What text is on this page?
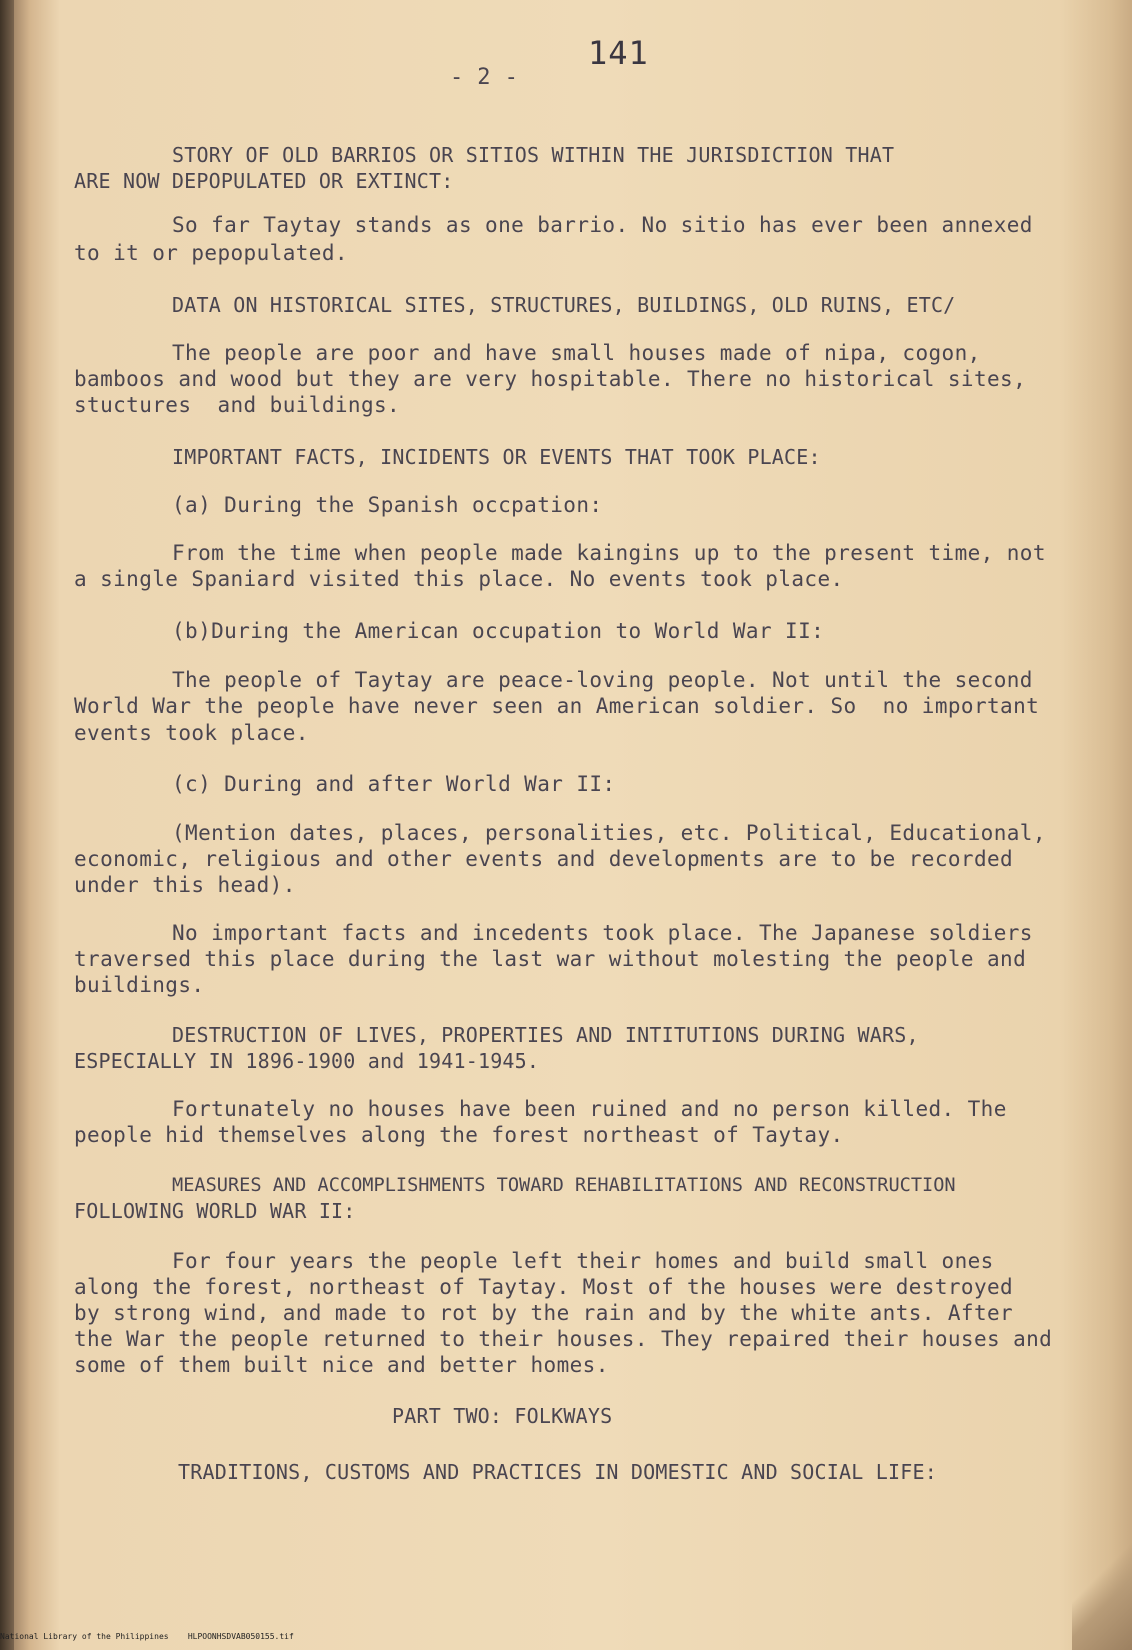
141
- 2 -
STORY OF OLD BARRIOS OR SITIOS WITHIN THE JURISDICTION THAT
ARE NOW DEPOPULATED OR EXTINCT:
So far Taytay stands as one barrio. No sitio has ever been annexed
to it or pepopulated.
DATA ON HISTORICAL SITES, STRUCTURES, BUILDINGS, OLD RUINS, ETC/
The people are poor and have small houses made of nipa, cogon,
bamboos and wood but they are very hospitable. There no historical sites,
stuctures  and buildings.
IMPORTANT FACTS, INCIDENTS OR EVENTS THAT TOOK PLACE:
(a) During the Spanish occpation:
From the time when people made kaingins up to the present time, not
a single Spaniard visited this place. No events took place.
(b)During the American occupation to World War II:
The people of Taytay are peace-loving people. Not until the second
World War the people have never seen an American soldier. So  no important
events took place.
(c) During and after World War II:
(Mention dates, places, personalities, etc. Political, Educational,
economic, religious and other events and developments are to be recorded
under this head).
No important facts and incedents took place. The Japanese soldiers
traversed this place during the last war without molesting the people and
buildings.
DESTRUCTION OF LIVES, PROPERTIES AND INTITUTIONS DURING WARS,
ESPECIALLY IN 1896-1900 and 1941-1945.
Fortunately no houses have been ruined and no person killed. The
people hid themselves along the forest northeast of Taytay.
MEASURES AND ACCOMPLISHMENTS TOWARD REHABILITATIONS AND RECONSTRUCTION
FOLLOWING WORLD WAR II:
For four years the people left their homes and build small ones
along the forest, northeast of Taytay. Most of the houses were destroyed
by strong wind, and made to rot by the rain and by the white ants. After
the War the people returned to their houses. They repaired their houses and
some of them built nice and better homes.
PART TWO: FOLKWAYS
TRADITIONS, CUSTOMS AND PRACTICES IN DOMESTIC AND SOCIAL LIFE:
National Library of the Philippines HLPOONHSDVAB050155.tif
